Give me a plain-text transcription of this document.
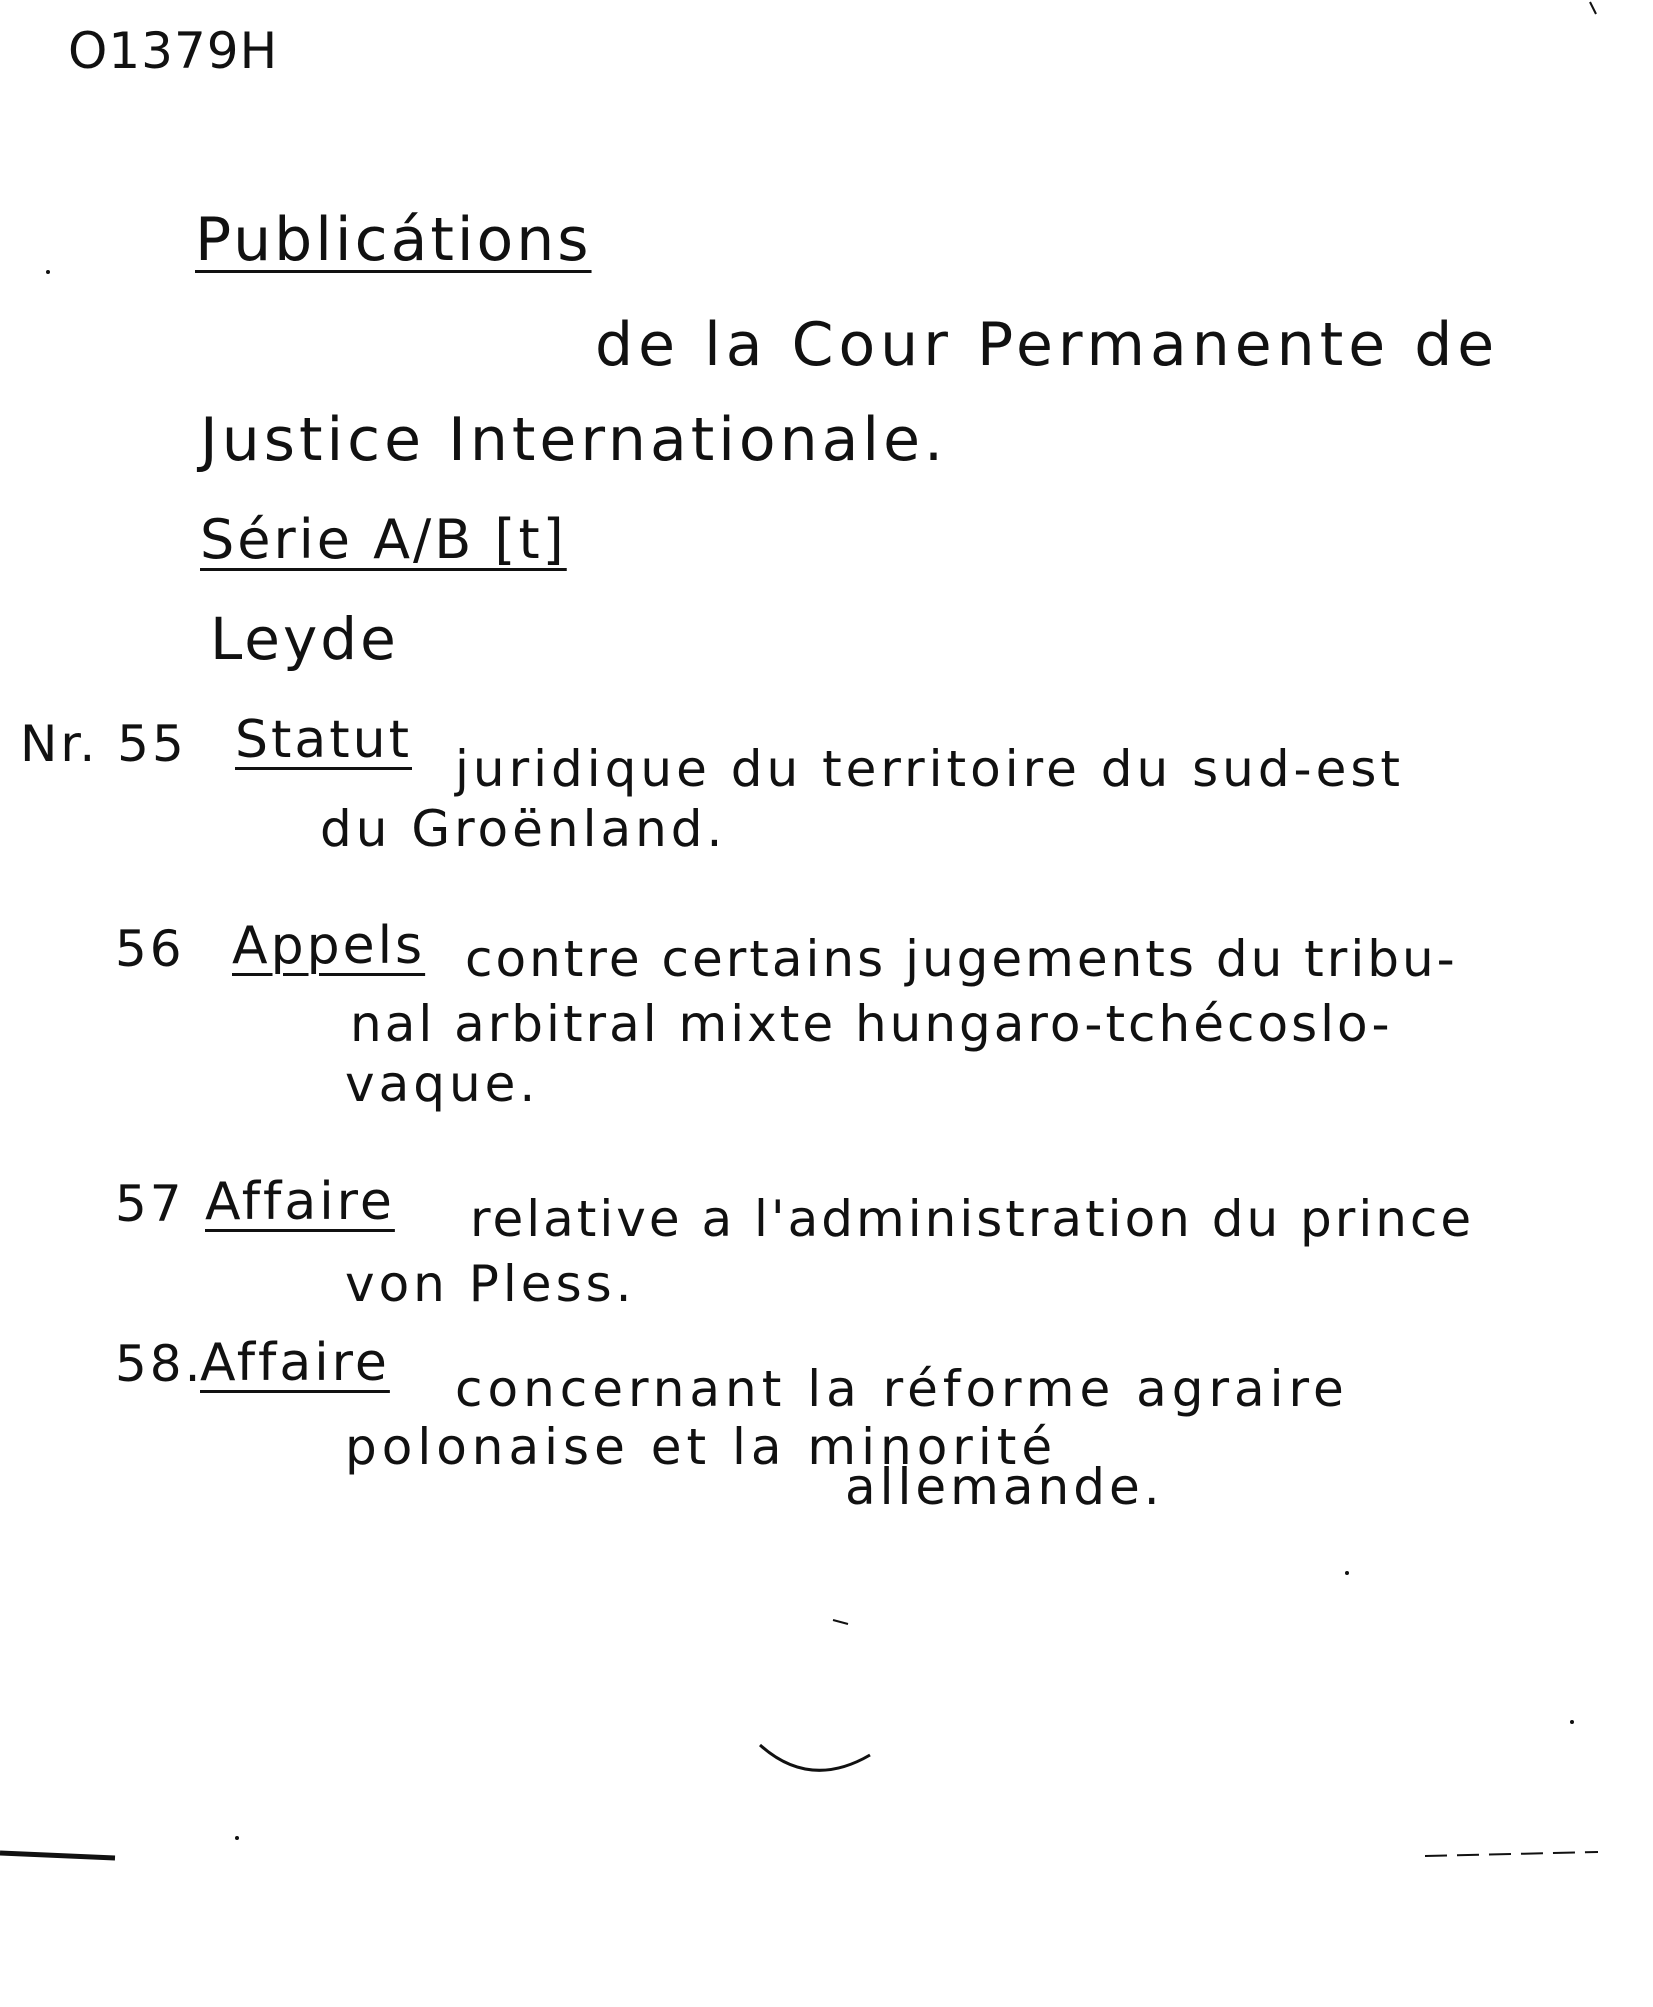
O1379H
Publicátions
de la Cour Permanente de
Justice Internationale.
Série A/B [t]
Leyde
Nr. 55 Statut juridique du territoire du sud-est
du Groënland.
56 Appels contre certains jugements du tribu-
nal arbitral mixte hungaro-tchécoslo-
vaque.
57 Affaire relative a l'administration du prince
von Pless.
58.
Affaire concernant la réforme agraire
polonaise et la minorité
allemande.
